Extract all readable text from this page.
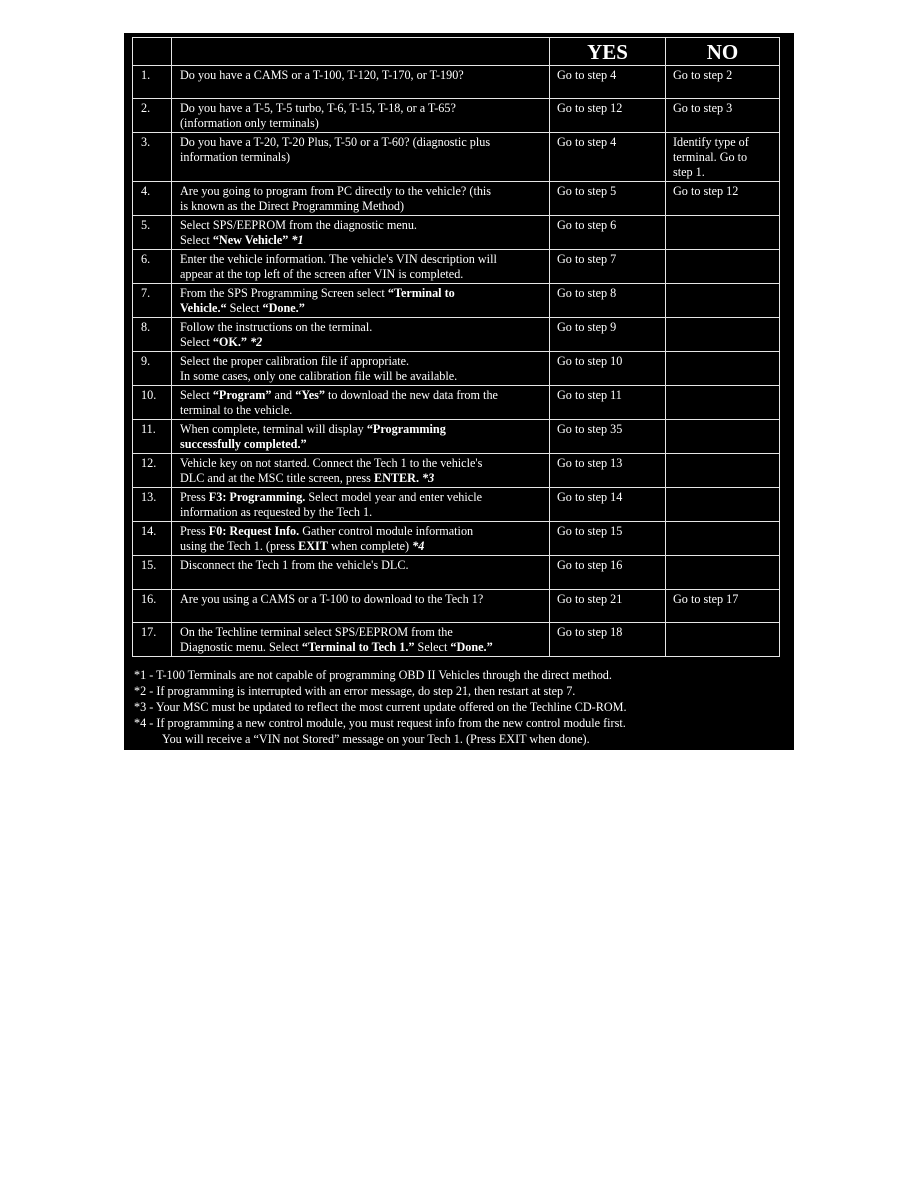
		YES	NO
1.	Do you have a CAMS or a T-100, T-120, T-170, or T-190?	Go to step 4	Go to step 2
2.	Do you have a T-5, T-5 turbo, T-6, T-15, T-18, or a T-65?
(information only terminals)	Go to step 12	Go to step 3
3.	Do you have a T-20, T-20 Plus, T-50 or a T-60? (diagnostic plus
information terminals)	Go to step 4	Identify type of
terminal. Go to
step 1.
4.	Are you going to program from PC directly to the vehicle? (this
is known as the Direct Programming Method)	Go to step 5	Go to step 12
5.	Select SPS/EEPROM from the diagnostic menu.
Select “New Vehicle” *1	Go to step 6	
6.	Enter the vehicle information. The vehicle's VIN description will
appear at the top left of the screen after VIN is completed.	Go to step 7	
7.	From the SPS Programming Screen select “Terminal to
Vehicle.“ Select “Done.”	Go to step 8	
8.	Follow the instructions on the terminal.
Select “OK.” *2	Go to step 9	
9.	Select the proper calibration file if appropriate.
In some cases, only one calibration file will be available.	Go to step 10	
10.	Select “Program” and “Yes” to download the new data from the
terminal to the vehicle.	Go to step 11	
11.	When complete, terminal will display “Programming
successfully completed.”	Go to step 35	
12.	Vehicle key on not started. Connect the Tech 1 to the vehicle's
DLC and at the MSC title screen, press ENTER. *3	Go to step 13	
13.	Press F3: Programming. Select model year and enter vehicle
information as requested by the Tech 1.	Go to step 14	
14.	Press F0: Request Info. Gather control module information
using the Tech 1. (press EXIT when complete) *4	Go to step 15	
15.	Disconnect the Tech 1 from the vehicle's DLC.	Go to step 16	
16.	Are you using a CAMS or a T-100 to download to the Tech 1?	Go to step 21	Go to step 17
17.	On the Techline terminal select SPS/EEPROM from the
Diagnostic menu. Select “Terminal to Tech 1.” Select “Done.”	Go to step 18	
*1 - T-100 Terminals are not capable of programming OBD II Vehicles through the direct method.
*2 - If programming is interrupted with an error message, do step 21, then restart at step 7.
*3 - Your MSC must be updated to reflect the most current update offered on the Techline CD-ROM.
*4 - If programming a new control module, you must request info from the new control module first.
You will receive a “VIN not Stored” message on your Tech 1. (Press EXIT when done).
